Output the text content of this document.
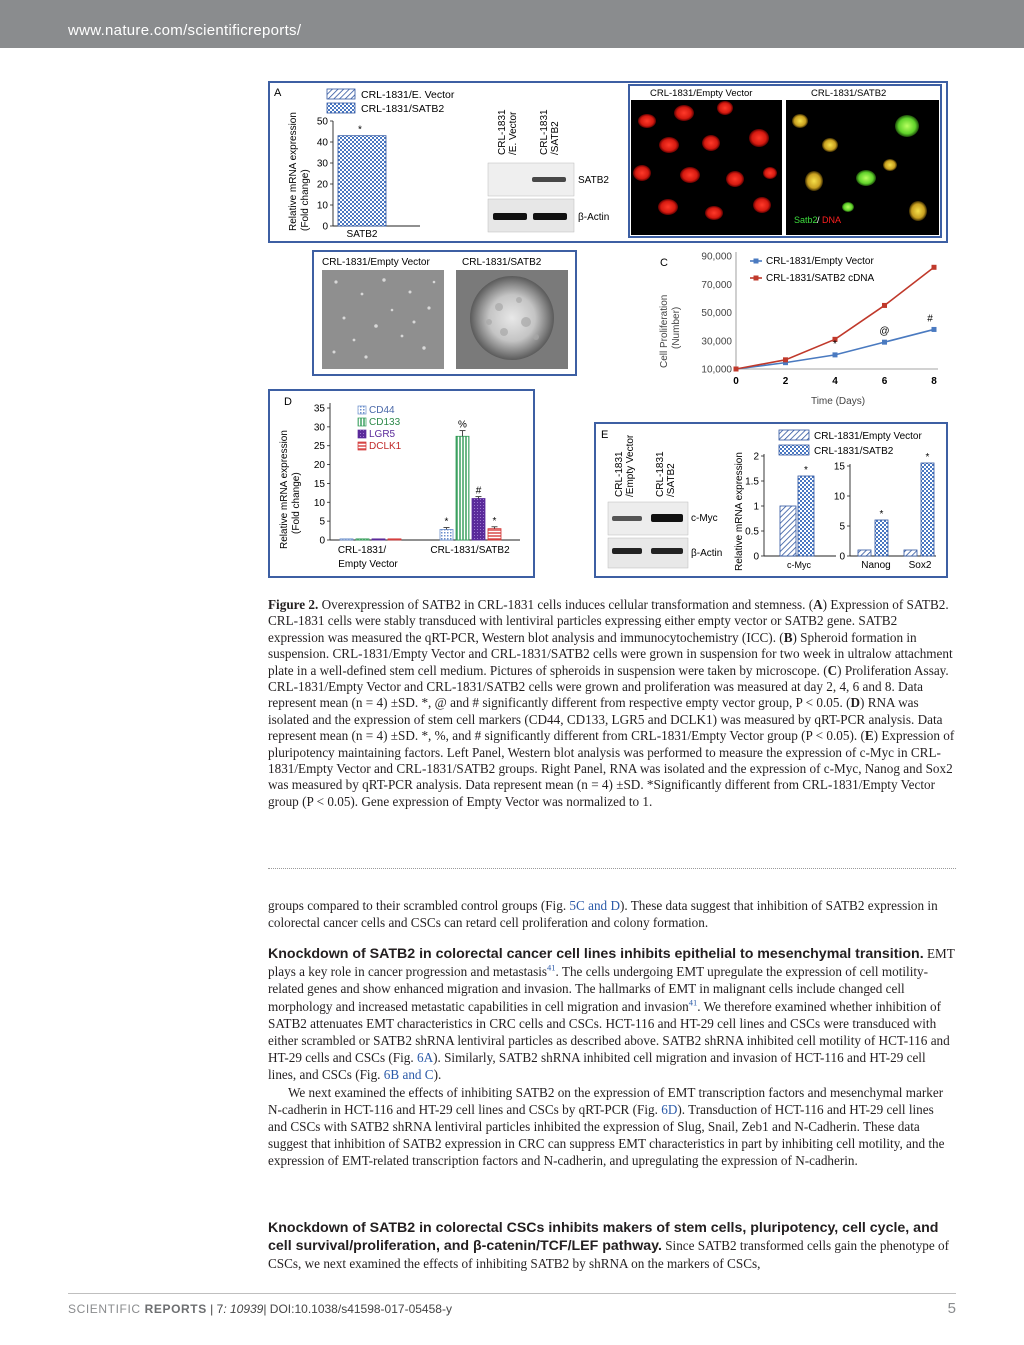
www.nature.com/scientificreports/
A	CRL-1831/E. Vector
CRL-1831/SATB2
Relative mRNA expression (Fold change)
50
40
30
20
10
0
*
SATB2
CRL-1831 /E. Vector CRL-1831 /SATB2
SATB2
β-Actin
CRL-1831/Empty Vector	CRL-1831/SATB2
Satb2 / DNA
CRL-1831/Empty Vector	CRL-1831/SATB2	C	CRL-1831/Empty Vector
CRL-1831/SATB2 cDNA
Cell Proliferation (Number)
90,000
70,000
50,000
30,000
10,000
0	2	4	6	8
*
@
#
Time (Days)
D
Relative mRNA expression (Fold change)
35
30
25
20
15
10
5
0
CD44
CD133
LGR5
DCLK1
*
%
#
*
CRL-1831/
Empty Vector
CRL-1831/SATB2
E
CRL-1831 /Empty Vector CRL-1831 /SATB2
c-Myc
β-Actin Relative mRNA expression
CRL-1831/Empty Vector
CRL-1831/SATB2
2
1.5
1
0.5
0
15
10
5
0
*
*
*
c-Myc	Nanog Sox2
Figure 2. Overexpression of SATB2 in CRL-1831 cells induces cellular transformation and stemness. (A) Expression of SATB2. CRL-1831 cells were stably transduced with lentiviral particles expressing either empty vector or SATB2 gene. SATB2 expression was measured the qRT-PCR, Western blot analysis and immunocytochemistry (ICC). (B) Spheroid formation in suspension. CRL-1831/Empty Vector and CRL-1831/SATB2 cells were grown in suspension for two week in ultralow attachment plate in a well-defined stem cell medium. Pictures of spheroids in suspension were taken by microscope. (C) Proliferation Assay. CRL-1831/Empty Vector and CRL-1831/SATB2 cells were grown and proliferation was measured at day 2, 4, 6 and 8. Data represent mean (n = 4) ±SD. *, @ and # significantly different from respective empty vector group, P < 0.05. (D) RNA was isolated and the expression of stem cell markers (CD44, CD133, LGR5 and DCLK1) was measured by qRT-PCR analysis. Data represent mean (n = 4) ±SD. *, %, and # significantly different from CRL-1831/Empty Vector group (P < 0.05). (E) Expression of pluripotency maintaining factors. Left Panel, Western blot analysis was performed to measure the expression of c-Myc in CRL-1831/Empty Vector and CRL-1831/SATB2 groups. Right Panel, RNA was isolated and the expression of c-Myc, Nanog and Sox2 was measured by qRT-PCR analysis. Data represent mean (n = 4) ±SD. *Significantly different from CRL-1831/Empty Vector group (P < 0.05). Gene expression of Empty Vector was normalized to 1.

groups compared to their scrambled control groups (Fig. 5C and D). These data suggest that inhibition of SATB2 expression in colorectal cancer cells and CSCs can retard cell proliferation and colony formation.

Knockdown of SATB2 in colorectal cancer cell lines inhibits epithelial to mesenchymal transition. EMT plays a key role in cancer progression and metastasis$^{41}$. The cells undergoing EMT upregulate the expression of cell motility-related genes and show enhanced migration and invasion. The hallmarks of EMT in malignant cells include changed cell morphology and increased metastatic capabilities in cell migration and invasion$^{41}$. We therefore examined whether inhibition of SATB2 attenuates EMT characteristics in CRC cells and CSCs. HCT-116 and HT-29 cell lines and CSCs were transduced with either scrambled or SATB2 shRNA lentiviral particles as described above. SATB2 shRNA inhibited cell motility of HCT-116 and HT-29 cells and CSCs (Fig. 6A). Similarly, SATB2 shRNA inhibited cell migration and invasion of HCT-116 and HT-29 cell lines, and CSCs (Fig. 6B and C).

We next examined the effects of inhibiting SATB2 on the expression of EMT transcription factors and mesenchymal marker N-cadherin in HCT-116 and HT-29 cell lines and CSCs by qRT-PCR (Fig. 6D). Transduction of HCT-116 and HT-29 cell lines and CSCs with SATB2 shRNA lentiviral particles inhibited the expression of Slug, Snail, Zeb1 and N-Cadherin. These data suggest that inhibition of SATB2 expression in CRC can suppress EMT characteristics in part by inhibiting cell motility, and the expression of EMT-related transcription factors and N-cadherin, and upregulating the expression of N-cadherin.

Knockdown of SATB2 in colorectal CSCs inhibits makers of stem cells, pluripotency, cell cycle, and cell survival/proliferation, and β-catenin/TCF/LEF pathway. Since SATB2 transformed cells gain the phenotype of CSCs, we next examined the effects of inhibiting SATB2 by shRNA on the markers of CSCs,

SCIENTIFIC REPORTS | 7: 10939| DOI:10.1038/s41598-017-05458-y	5
